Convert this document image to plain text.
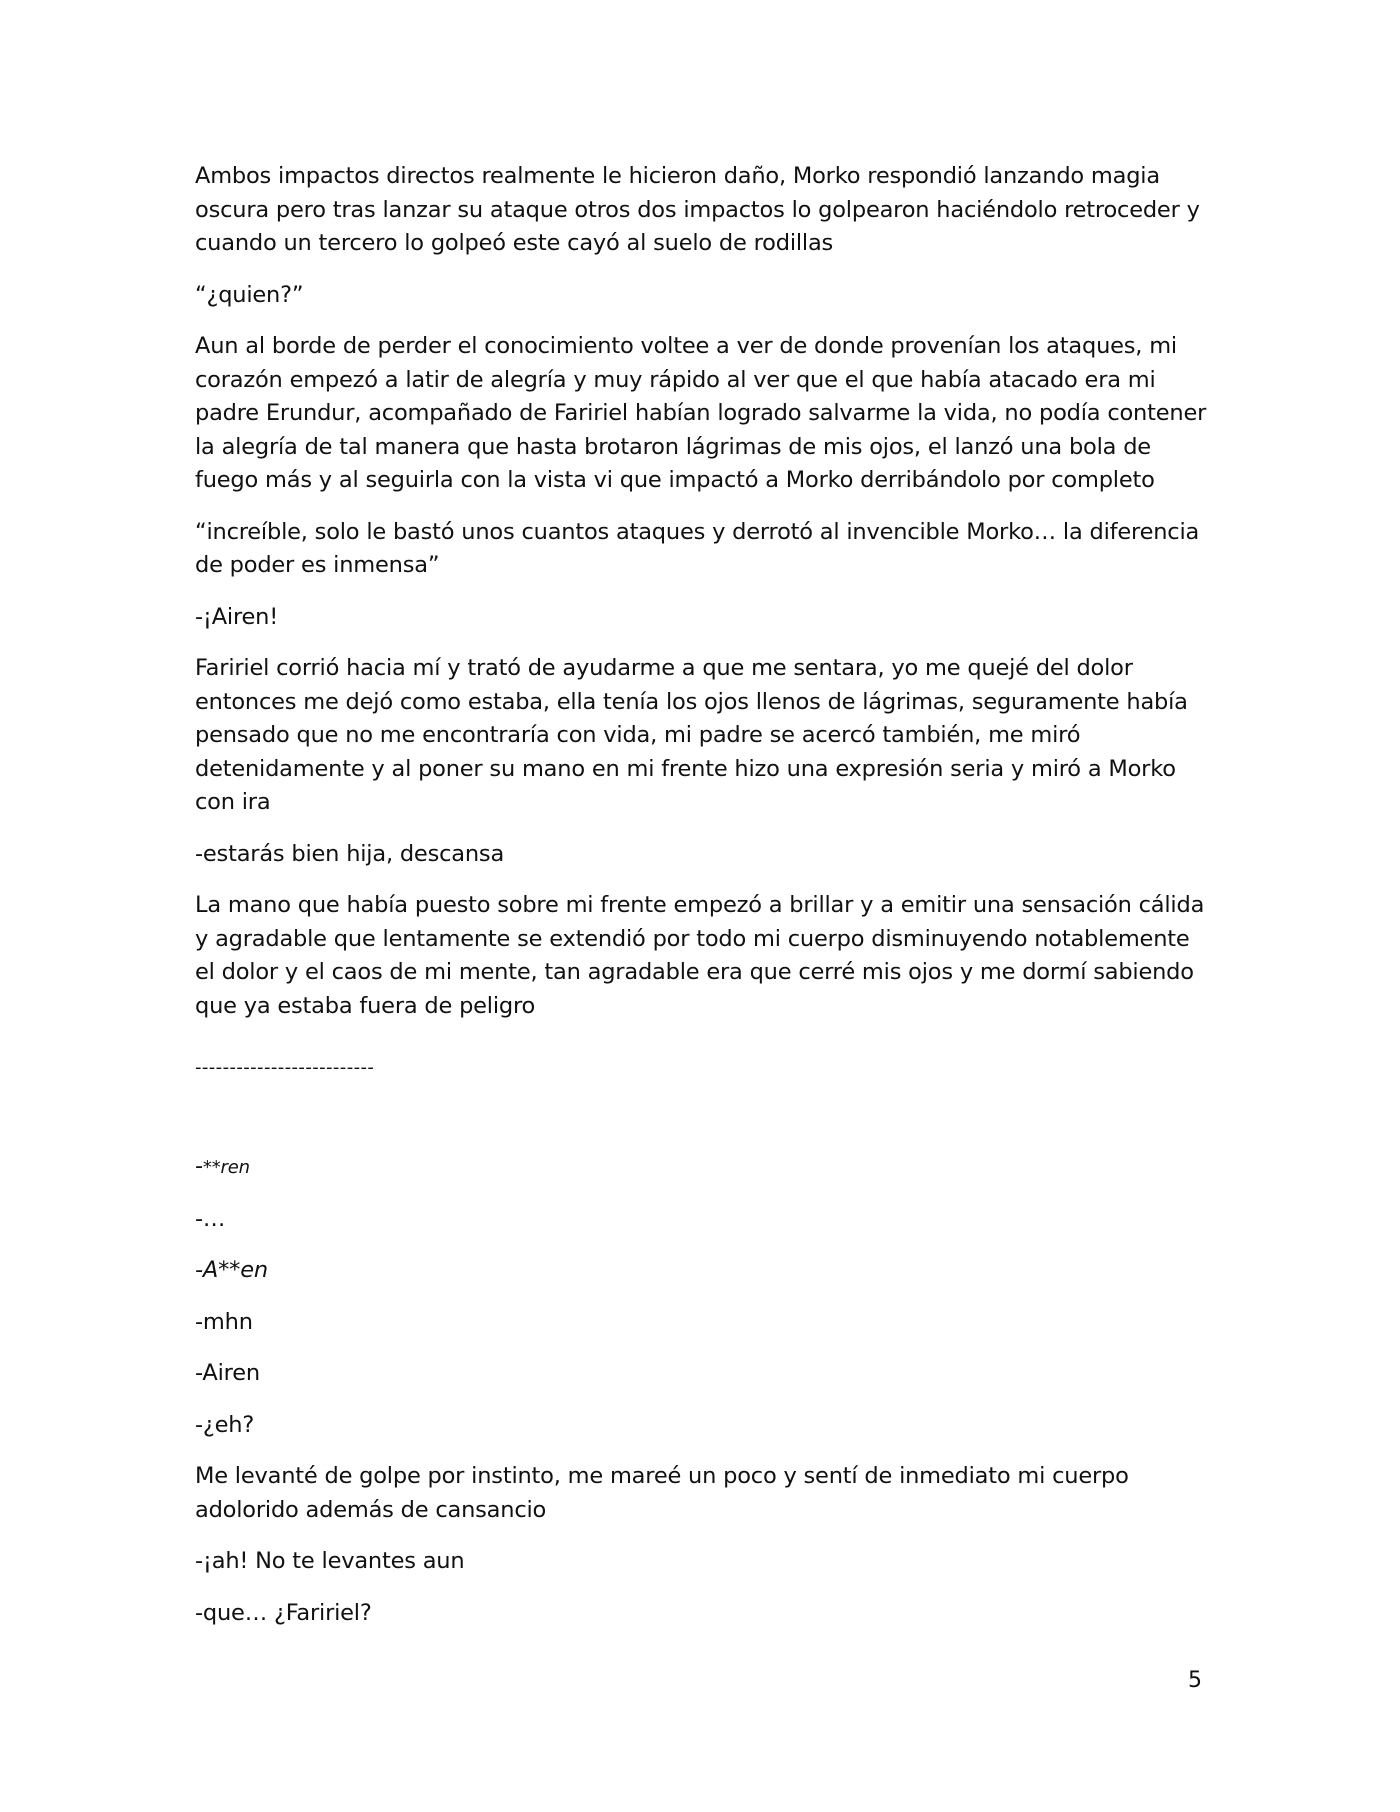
Ambos impactos directos realmente le hicieron daño, Morko respondió lanzando magia oscura pero tras lanzar su ataque otros dos impactos lo golpearon haciéndolo retroceder y cuando un tercero lo golpeó este cayó al suelo de rodillas

“¿quien?”

Aun al borde de perder el conocimiento voltee a ver de donde provenían los ataques, mi corazón empezó a latir de alegría y muy rápido al ver que el que había atacado era mi padre Erundur, acompañado de Faririel habían logrado salvarme la vida, no podía contener la alegría de tal manera que hasta brotaron lágrimas de mis ojos, el lanzó una bola de fuego más y al seguirla con la vista vi que impactó a Morko derribándolo por completo

“increíble, solo le bastó unos cuantos ataques y derrotó al invencible Morko… la diferencia de poder es inmensa”

-¡Airen!

Faririel corrió hacia mí y trató de ayudarme a que me sentara, yo me quejé del dolor entonces me dejó como estaba, ella tenía los ojos llenos de lágrimas, seguramente había pensado que no me encontraría con vida, mi padre se acercó también, me miró detenidamente y al poner su mano en mi frente hizo una expresión seria y miró a Morko con ira

-estarás bien hija, descansa

La mano que había puesto sobre mi frente empezó a brillar y a emitir una sensación cálida y agradable que lentamente se extendió por todo mi cuerpo disminuyendo notablemente el dolor y el caos de mi mente, tan agradable era que cerré mis ojos y me dormí sabiendo que ya estaba fuera de peligro

--------------------------

-**ren

-…

-A**en

-mhn

-Airen

-¿eh?

Me levanté de golpe por instinto, me mareé un poco y sentí de inmediato mi cuerpo adolorido además de cansancio

-¡ah! No te levantes aun

-que… ¿Faririel?

5
